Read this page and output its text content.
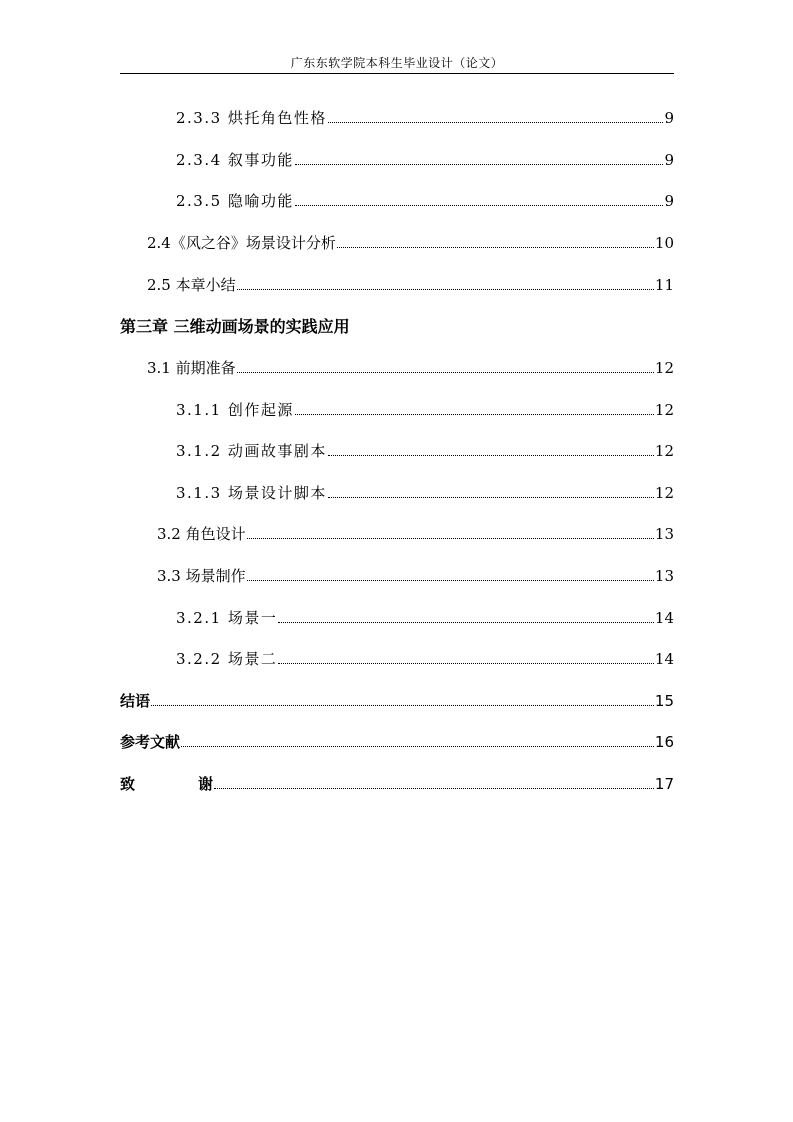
广东东软学院本科生毕业设计（论文）
2.3.3 烘托角色性格	9
2.3.4 叙事功能	9
2.3.5 隐喻功能	9
2.4《风之谷》场景设计分析	10
2.5 本章小结	11
第三章 三维动画场景的实践应用
3.1 前期准备	12
3.1.1 创作起源	12
3.1.2 动画故事剧本	12
3.1.3 场景设计脚本	12
3.2 角色设计	13
3.3 场景制作	13
3.2.1 场景一	14
3.2.2 场景二	14
结语	15
参考文献	16
致	谢	17
